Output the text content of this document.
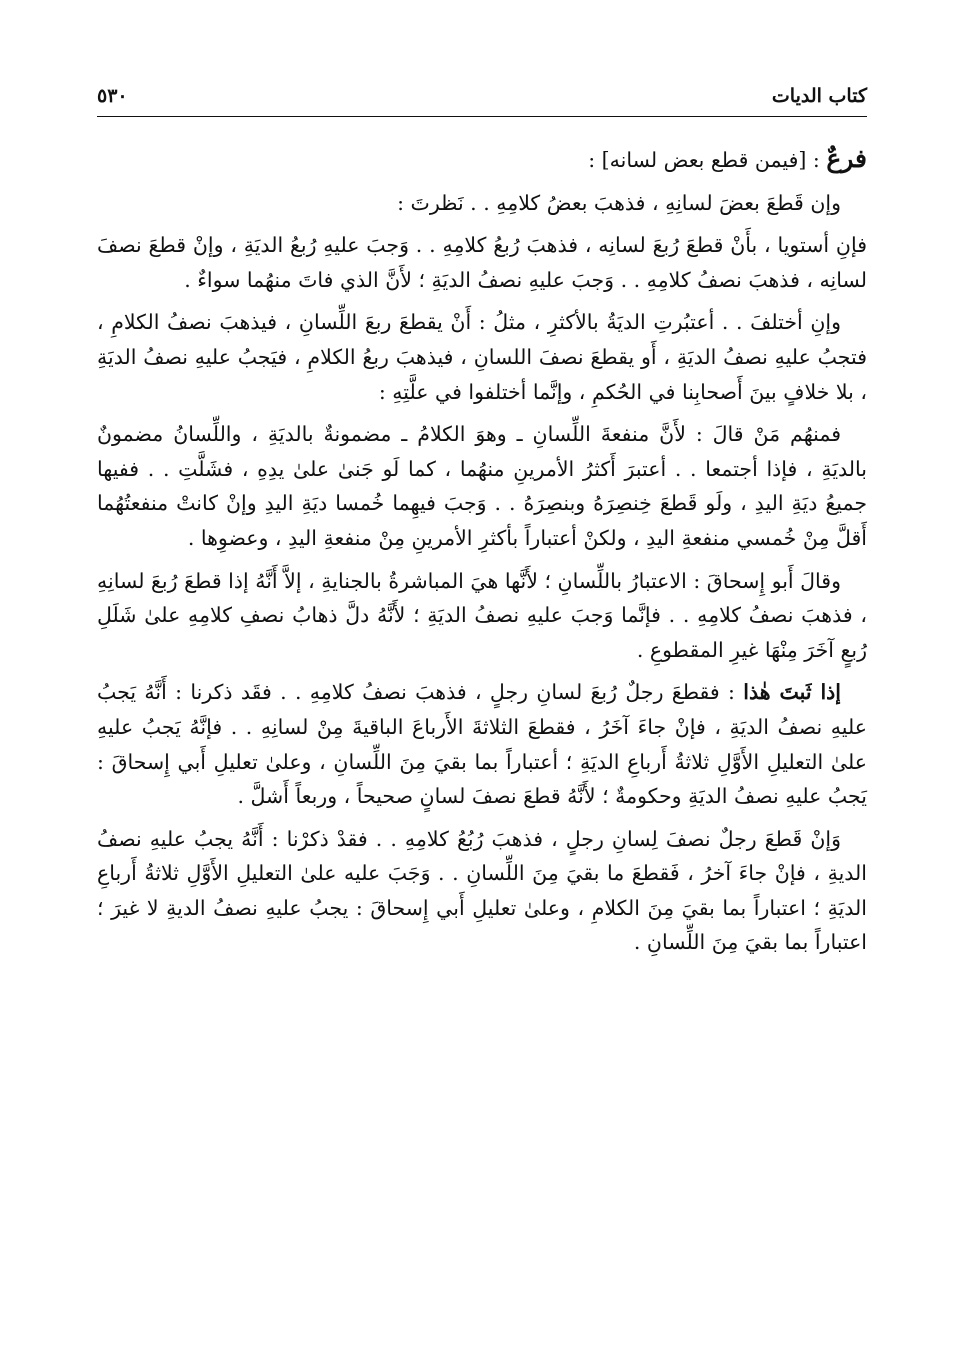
كتاب الديات
٥٣٠

فرعٌ : [فيمن قطع بعض لسانه] :

وإن قَطعَ بعضَ لسانِهِ ، فذهبَ بعضُ كلامِهِ . . نَظرتَ :

فإنِ أستويا ، بأَنْ قطعَ رُبعَ لسانِه ، فذهبَ رُبعُ كلامِهِ . . وَجبَ عليهِ رُبعُ الديَةِ ، وإنْ قطعَ نصفَ لسانِه ، فذهبَ نصفُ كلامِهِ . . وَجبَ عليهِ نصفُ الديَةِ ؛ لأَنَّ الذي فاتَ منهُما سواءٌ .

وإنِ أختلفَ . . أعتبُرتِ الديَةُ بالأكثرِ ، مثلُ : أَنْ يقطعَ ربعَ اللِّسانِ ، فيذهبَ نصفُ الكلامِ ، فتجبُ عليهِ نصفُ الديَةِ ، أَو يقطعَ نصفَ اللسانِ ، فيذهبَ ربعُ الكلامِ ، فيَجبُ عليهِ نصفُ الديَةِ ، بلا خلافٍ بينَ أَصحابِنا في الحُكمِ ، وإنَّما أختلفوا في علَّتِهِ :

فمنهُم مَنْ قالَ : لأَنَّ منفعةَ اللِّسانِ ـ وهوَ الكلامُ ـ مضمونةٌ بالديَةِ ، واللِّسانُ مضمونٌ بالديَةِ ، فإذا أجتمعا . . أعتبرَ أَكثرُ الأمرينِ منهُما ، كما لَو جَنىٰ علىٰ يدِهِ ، فشَلَّتِ . . ففيها جميعُ ديَةِ اليدِ ، ولَو قَطعَ خِنصِرَهُ وبنصِرَهُ . . وَجبَ فيهِما خُمسا ديَةِ اليدِ وإنْ كانتْ منفعتُهُما أَقلَّ مِنْ خُمسي منفعةِ اليدِ ، ولكنْ أعتباراً بأكثرِ الأمرينِ مِنْ منفعةِ اليدِ ، وعضوِها .

وقالَ أَبو إِسحاقَ : الاعتبارُ باللِّسانِ ؛ لأَنَّها هيَ المباشرةُ بالجنايةِ ، إلاَّ أَنَّهُ إذا قطعَ رُبعَ لسانِهِ ، فذهبَ نصفُ كلامِهِ . . فإنَّما وَجبَ عليهِ نصفُ الديَةِ ؛ لأَنَّهُ دلَّ ذهابُ نصفِ كلامِهِ علىٰ شَلَلِ رُبعٍ آخَرَ مِنْهَا غيرِ المقطوعِ .

إذا ثَبتَ هٰذا : فقطعَ رجلٌ رُبعَ لسانِ رجلٍ ، فذهبَ نصفُ كلامِهِ . . فقَد ذكرنا : أَنَّهُ يَجبُ عليهِ نصفُ الديَةِ ، فإنْ جاءَ آخَرُ ، فقطعَ الثلاثةَ الأَرباعَ الباقيةَ مِنْ لسانِهِ . . فإنَّهُ يَجبُ عليهِ علىٰ التعليلِ الأَوَّلِ ثلاثةُ أَرباعِ الديَةِ ؛ أعتباراً بما بقيَ مِنَ اللِّسانِ ، وعلىٰ تعليلِ أَبي إِسحاقَ : يَجبُ عليهِ نصفُ الديَةِ وحكومةٌ ؛ لأَنَّهُ قطعَ نصفَ لسانٍ صحيحاً ، وربعاً أَشلَّ .

وَإنْ قَطعَ رجلٌ نصفَ لِسانِ رجلٍ ، فذهبَ رُبُعُ كلامِهِ . . فقدْ ذكرْنا : أَنَّهُ يجبُ عليهِ نصفُ الديةِ ، فإنْ جاءَ آخرُ ، فَقطعَ ما بقيَ مِنَ اللِّسانِ . . وَجَبَ عليه علىٰ التعليلِ الأَوَّلِ ثلاثةُ أَرباعِ الديَةِ ؛ اعتباراً بما بقيَ مِنَ الكلامِ ، وعلىٰ تعليلِ أَبي إِسحاقَ : يجبُ عليهِ نصفُ الديةِ لا غيرَ ؛ اعتباراً بما بقيَ مِنَ اللِّسانِ .
